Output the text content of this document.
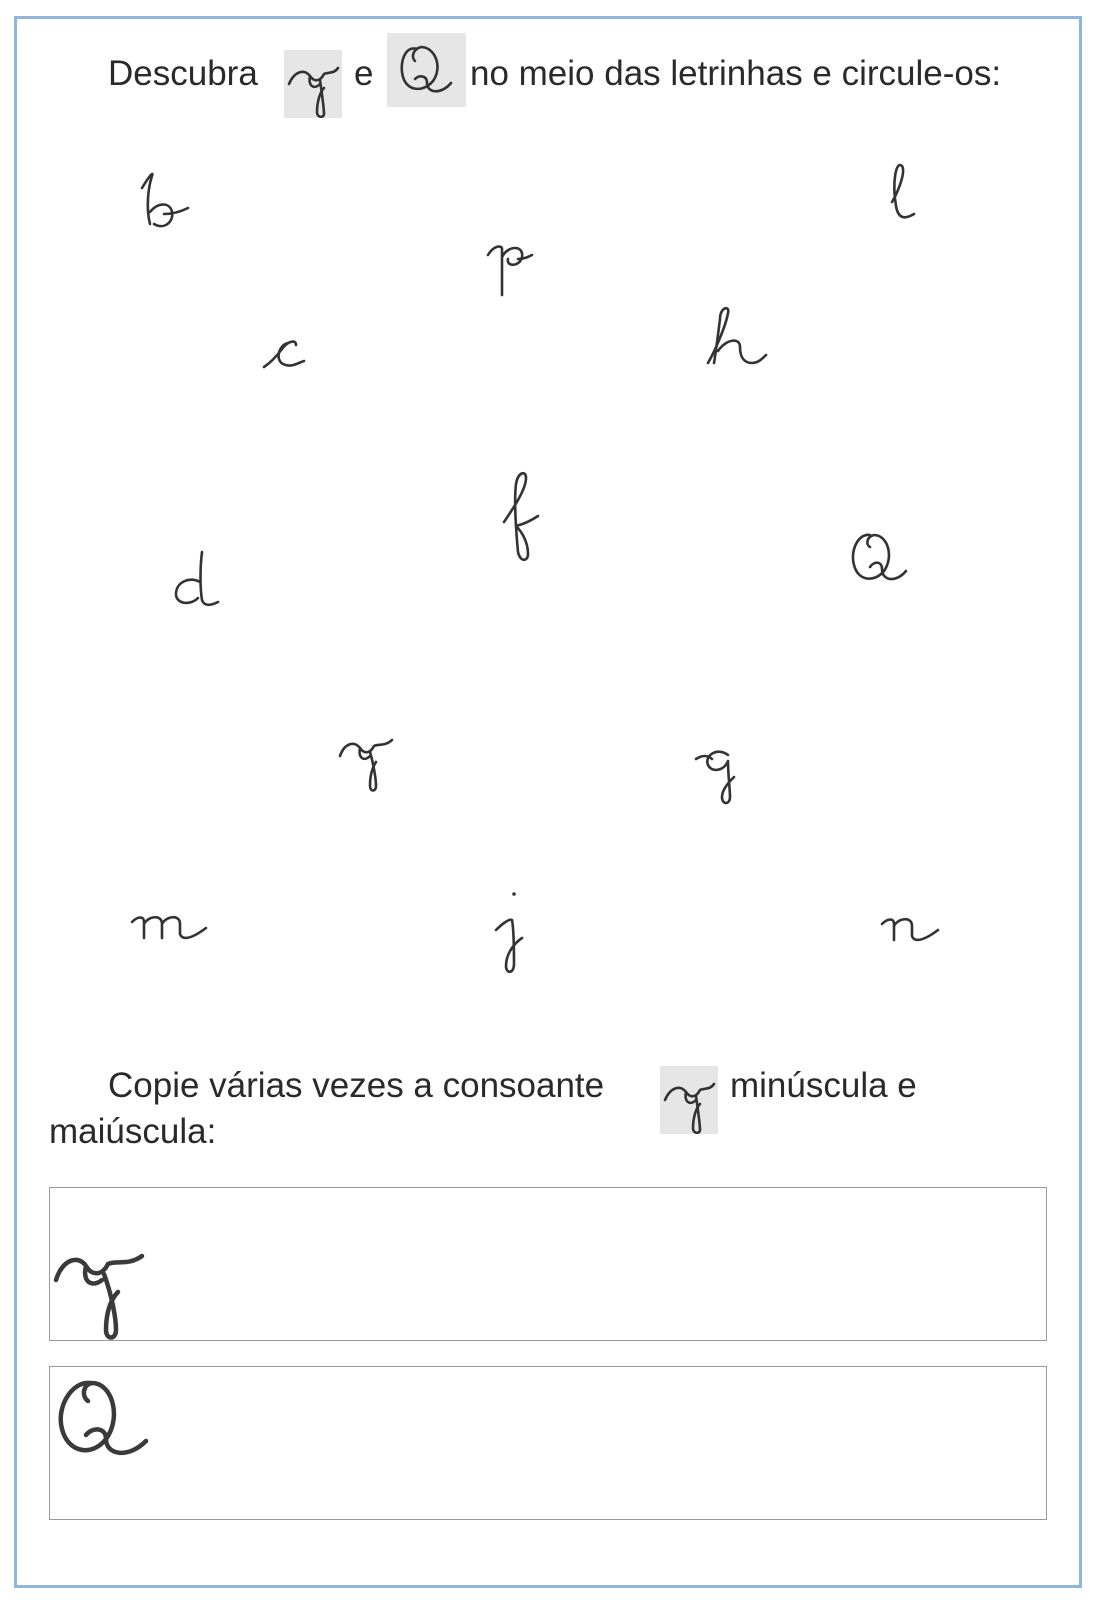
Descubra	e	no meio das letrinhas e circule-os:
Copie várias vezes a consoante	minúscula e
maiúscula:
